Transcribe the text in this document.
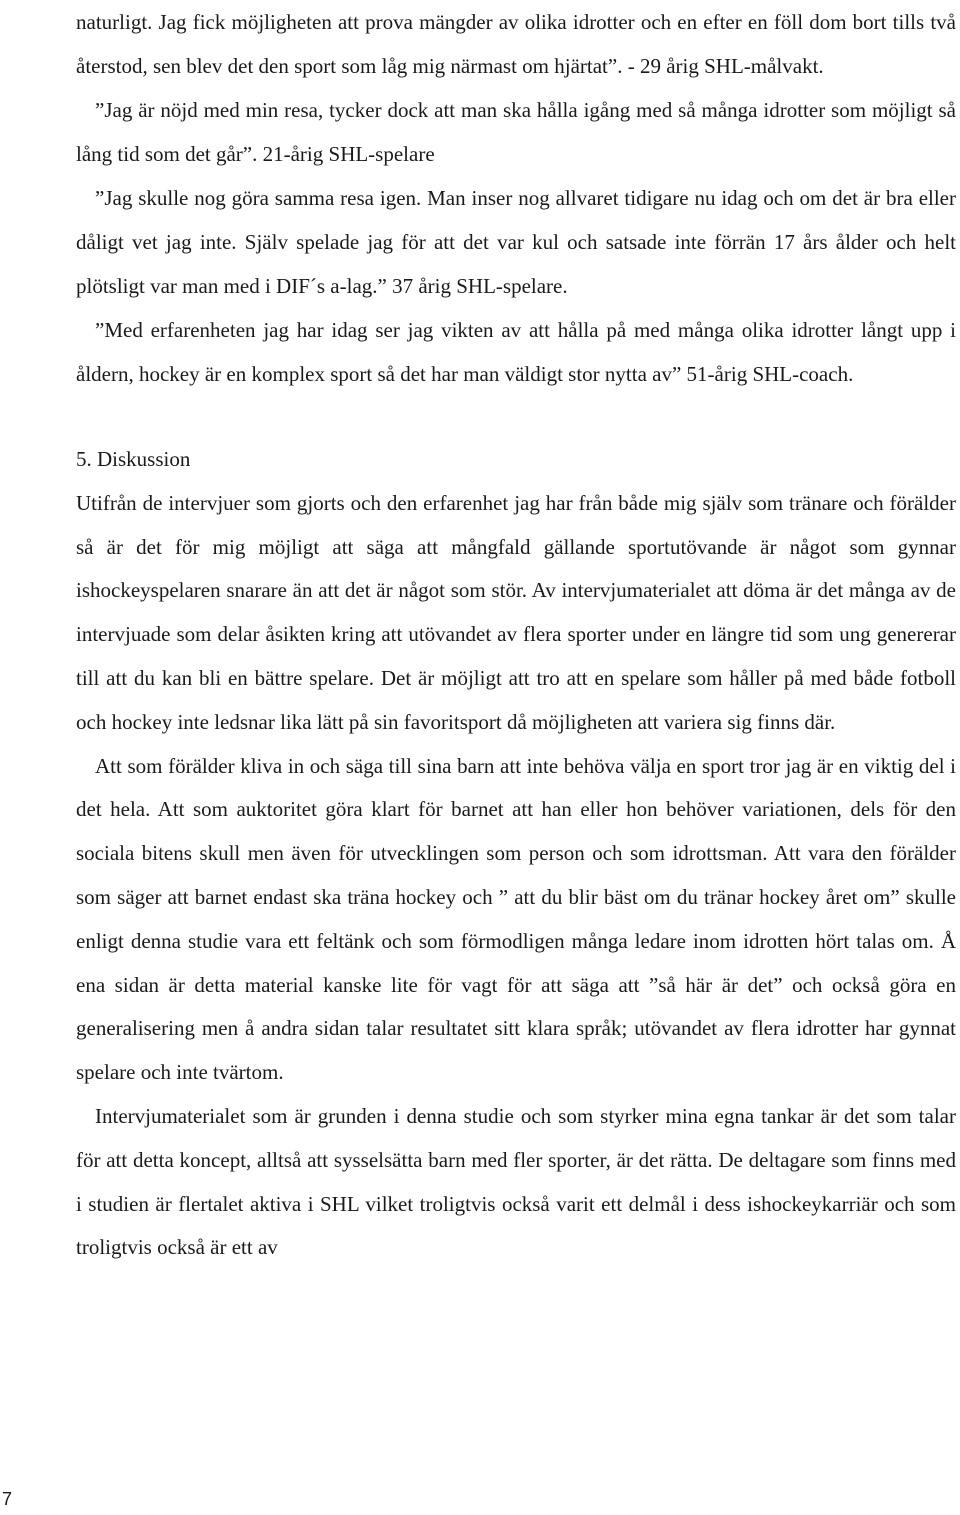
naturligt. Jag fick möjligheten att prova mängder av olika idrotter och en efter en föll dom bort tills två återstod, sen blev det den sport som låg mig närmast om hjärtat”. - 29 årig SHL-målvakt.

”Jag är nöjd med min resa, tycker dock att man ska hålla igång med så många idrotter som möjligt så lång tid som det går”. 21-årig SHL-spelare

”Jag skulle nog göra samma resa igen. Man inser nog allvaret tidigare nu idag och om det är bra eller dåligt vet jag inte. Själv spelade jag för att det var kul och satsade inte förrän 17 års ålder och helt plötsligt var man med i DIF´s a-lag.” 37 årig SHL-spelare.

”Med erfarenheten jag har idag ser jag vikten av att hålla på med många olika idrotter långt upp i åldern, hockey är en komplex sport så det har man väldigt stor nytta av” 51-årig SHL-coach.

5. Diskussion

Utifrån de intervjuer som gjorts och den erfarenhet jag har från både mig själv som tränare och förälder så är det för mig möjligt att säga att mångfald gällande sportutövande är något som gynnar ishockeyspelaren snarare än att det är något som stör. Av intervjumaterialet att döma är det många av de intervjuade som delar åsikten kring att utövandet av flera sporter under en längre tid som ung genererar till att du kan bli en bättre spelare. Det är möjligt att tro att en spelare som håller på med både fotboll och hockey inte ledsnar lika lätt på sin favoritsport då möjligheten att variera sig finns där.

Att som förälder kliva in och säga till sina barn att inte behöva välja en sport tror jag är en viktig del i det hela. Att som auktoritet göra klart för barnet att han eller hon behöver variationen, dels för den sociala bitens skull men även för utvecklingen som person och som idrottsman. Att vara den förälder som säger att barnet endast ska träna hockey och ” att du blir bäst om du tränar hockey året om” skulle enligt denna studie vara ett feltänk och som förmodligen många ledare inom idrotten hört talas om. Å ena sidan är detta material kanske lite för vagt för att säga att ”så här är det” och också göra en generalisering men å andra sidan talar resultatet sitt klara språk; utövandet av flera idrotter har gynnat spelare och inte tvärtom.

Intervjumaterialet som är grunden i denna studie och som styrker mina egna tankar är det som talar för att detta koncept, alltså att sysselsätta barn med fler sporter, är det rätta. De deltagare som finns med i studien är flertalet aktiva i SHL vilket troligtvis också varit ett delmål i dess ishockeykarriär och som troligtvis också är ett av

7
